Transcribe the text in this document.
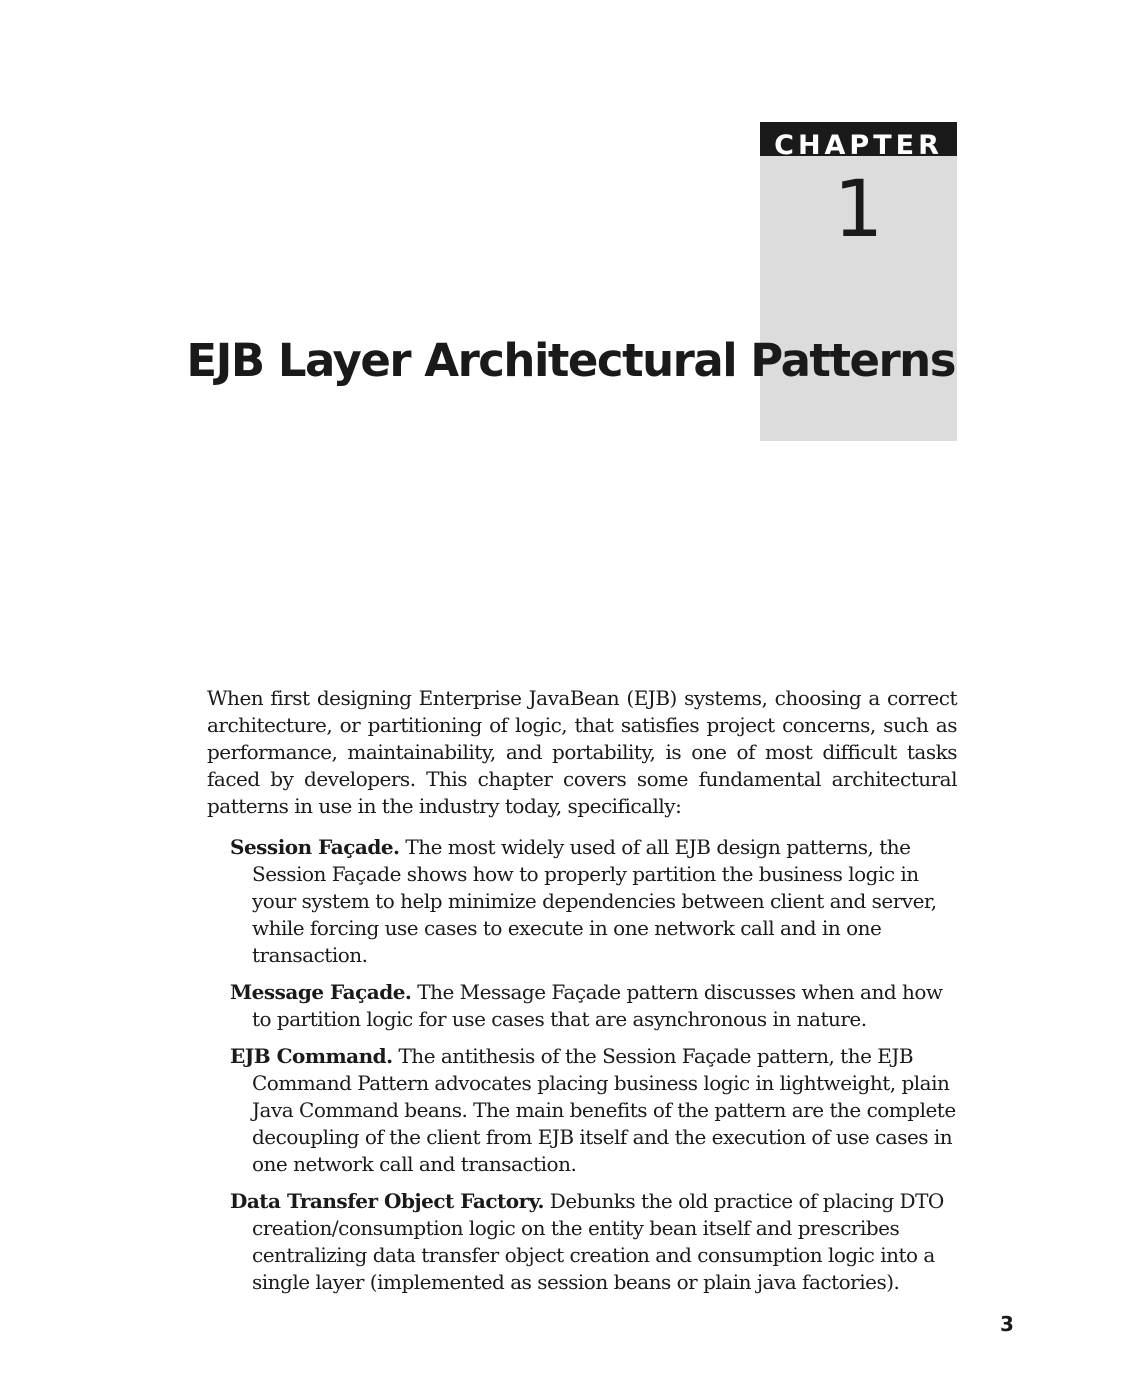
CHAPTER
1
EJB Layer Architectural Patterns

When first designing Enterprise JavaBean (EJB) systems, choosing a correct architecture, or partitioning of logic, that satisfies project concerns, such as performance, maintainability, and portability, is one of most difficult tasks faced by developers. This chapter covers some fundamental architectural patterns in use in the industry today, specifically:

Session Façade. The most widely used of all EJB design patterns, the Session Façade shows how to properly partition the business logic in your system to help minimize dependencies between client and server, while forcing use cases to execute in one network call and in one transaction.
Message Façade. The Message Façade pattern discusses when and how to partition logic for use cases that are asynchronous in nature.
EJB Command. The antithesis of the Session Façade pattern, the EJB Command Pattern advocates placing business logic in lightweight, plain Java Command beans. The main benefits of the pattern are the complete decoupling of the client from EJB itself and the execution of use cases in one network call and transaction.
Data Transfer Object Factory. Debunks the old practice of placing DTO creation/consumption logic on the entity bean itself and prescribes centralizing data transfer object creation and consumption logic into a single layer (implemented as session beans or plain java factories).
3
